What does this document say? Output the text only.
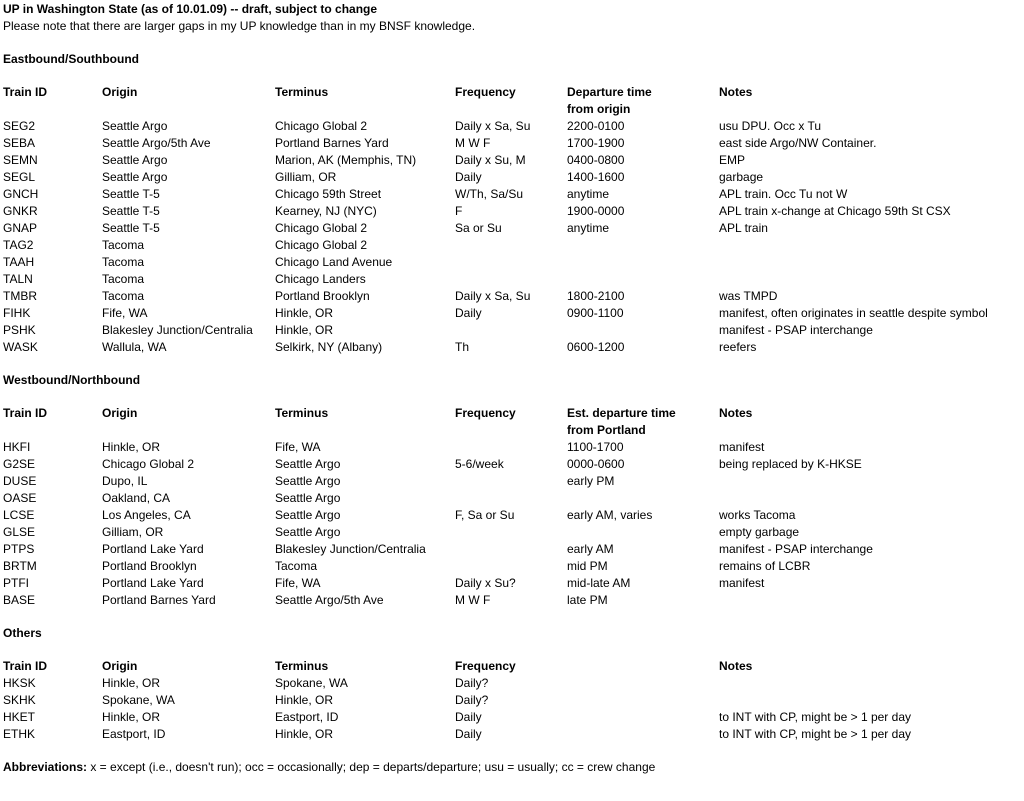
UP in Washington State (as of 10.01.09) -- draft, subject to change
Please note that there are larger gaps in my UP knowledge than in my BNSF knowledge.
Eastbound/Southbound
Train ID	Origin	Terminus	Frequency	Departure time
from origin	Notes

SEG2	Seattle Argo	Chicago Global 2	Daily x Sa, Su	2200-0100	usu DPU. Occ x Tu
SEBA	Seattle Argo/5th Ave	Portland Barnes Yard	M W F	1700-1900	east side Argo/NW Container.
SEMN	Seattle Argo	Marion, AK (Memphis, TN)	Daily x Su, M	0400-0800	EMP
SEGL	Seattle Argo	Gilliam, OR	Daily	1400-1600	garbage
GNCH	Seattle T-5	Chicago 59th Street	W/Th, Sa/Su	anytime	APL train. Occ Tu not W
GNKR	Seattle T-5	Kearney, NJ (NYC)	F	1900-0000	APL train x-change at Chicago 59th St CSX
GNAP	Seattle T-5	Chicago Global 2	Sa or Su	anytime	APL train
TAG2	Tacoma	Chicago Global 2			
TAAH	Tacoma	Chicago Land Avenue			
TALN	Tacoma	Chicago Landers			
TMBR	Tacoma	Portland Brooklyn	Daily x Sa, Su	1800-2100	was TMPD
FIHK	Fife, WA	Hinkle, OR	Daily	0900-1100	manifest, often originates in seattle despite symbol
PSHK	Blakesley Junction/Centralia	Hinkle, OR			manifest - PSAP interchange
WASK	Wallula, WA	Selkirk, NY (Albany)	Th	0600-1200	reefers
Westbound/Northbound
Train ID	Origin	Terminus	Frequency	Est. departure time
from Portland	Notes

HKFI	Hinkle, OR	Fife, WA		1100-1700	manifest
G2SE	Chicago Global 2	Seattle Argo	5-6/week	0000-0600	being replaced by K-HKSE
DUSE	Dupo, IL	Seattle Argo		early PM	
OASE	Oakland, CA	Seattle Argo			
LCSE	Los Angeles, CA	Seattle Argo	F, Sa or Su	early AM, varies	works Tacoma
GLSE	Gilliam, OR	Seattle Argo			empty garbage
PTPS	Portland Lake Yard	Blakesley Junction/Centralia		early AM	manifest - PSAP interchange
BRTM	Portland Brooklyn	Tacoma		mid PM	remains of LCBR
PTFI	Portland Lake Yard	Fife, WA	Daily x Su?	mid-late AM	manifest
BASE	Portland Barnes Yard	Seattle Argo/5th Ave	M W F	late PM	
Others
Train ID	Origin	Terminus	Frequency		Notes

HKSK	Hinkle, OR	Spokane, WA	Daily?		
SKHK	Spokane, WA	Hinkle, OR	Daily?		
HKET	Hinkle, OR	Eastport, ID	Daily		to INT with CP, might be > 1 per day
ETHK	Eastport, ID	Hinkle, OR	Daily		to INT with CP, might be > 1 per day
Abbreviations: x = except (i.e., doesn't run); occ = occasionally; dep = departs/departure; usu = usually; cc = crew change
